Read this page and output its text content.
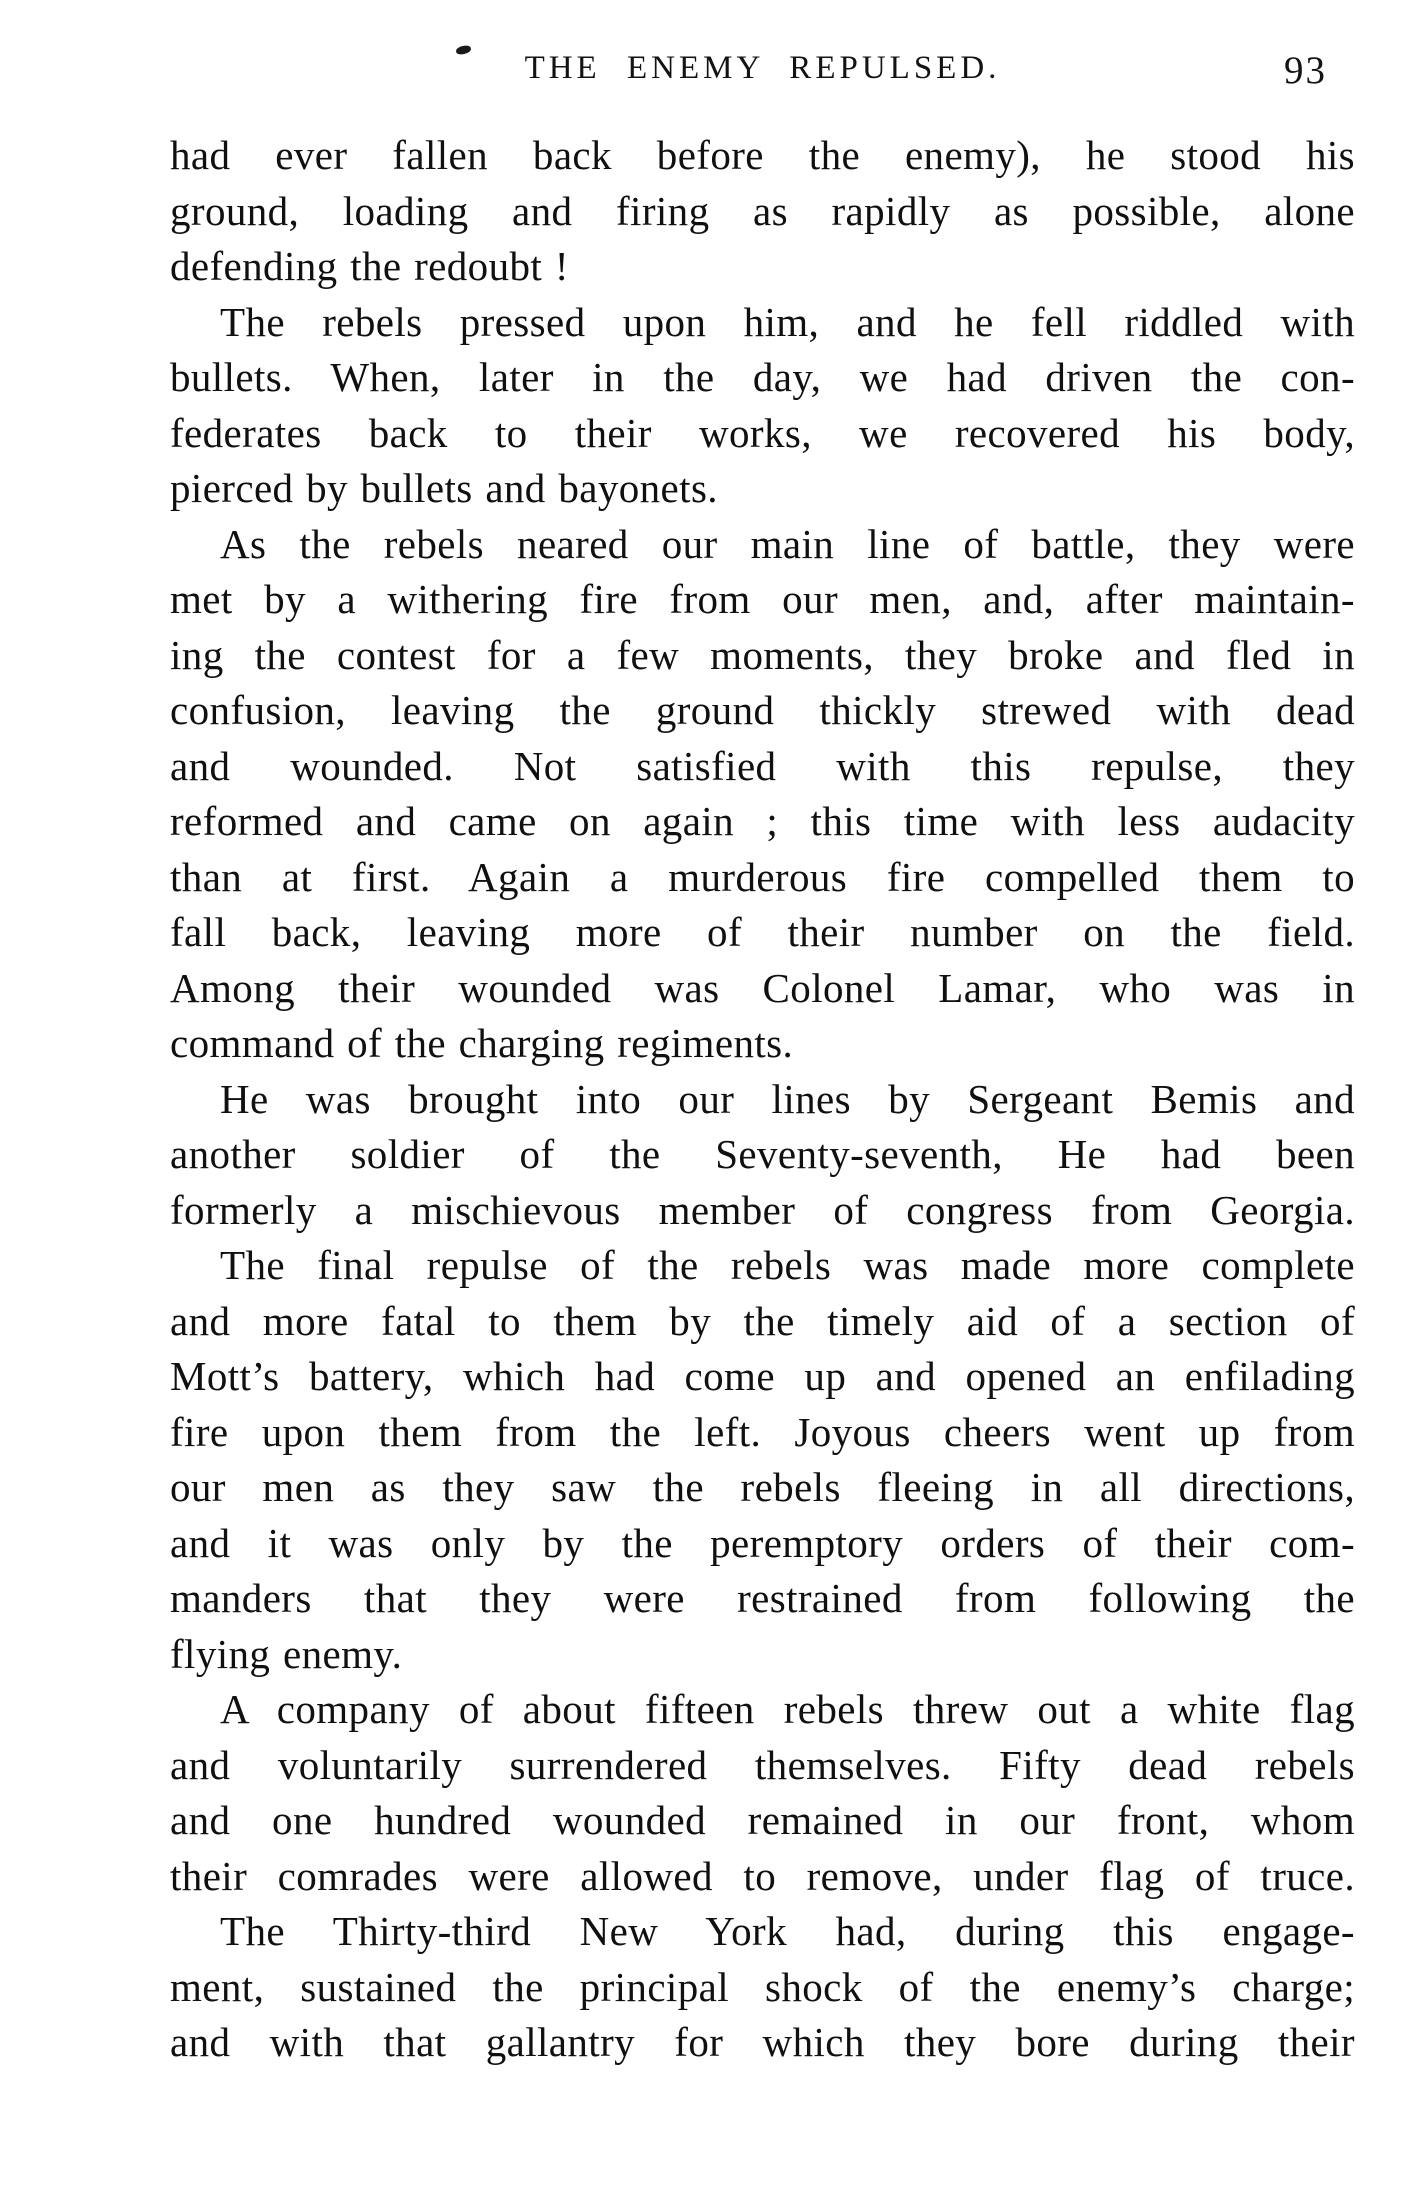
THE ENEMY REPULSED.	93
had ever fallen back before the enemy), he stood his
ground, loading and firing as rapidly as possible, alone
defending the redoubt !
The rebels pressed upon him, and he fell riddled with
bullets. When, later in the day, we had driven the con-
federates back to their works, we recovered his body,
pierced by bullets and bayonets.
As the rebels neared our main line of battle, they were
met by a withering fire from our men, and, after maintain-
ing the contest for a few moments, they broke and fled in
confusion, leaving the ground thickly strewed with dead
and wounded. Not satisfied with this repulse, they
reformed and came on again ; this time with less audacity
than at first. Again a murderous fire compelled them to
fall back, leaving more of their number on the field.
Among their wounded was Colonel Lamar, who was in
command of the charging regiments.
He was brought into our lines by Sergeant Bemis and
another soldier of the Seventy-seventh, He had been
formerly a mischievous member of congress from Georgia.
The final repulse of the rebels was made more complete
and more fatal to them by the timely aid of a section of
Mott’s battery, which had come up and opened an enfilading
fire upon them from the left. Joyous cheers went up from
our men as they saw the rebels fleeing in all directions,
and it was only by the peremptory orders of their com-
manders that they were restrained from following the
flying enemy.
A company of about fifteen rebels threw out a white flag
and voluntarily surrendered themselves. Fifty dead rebels
and one hundred wounded remained in our front, whom
their comrades were allowed to remove, under flag of truce.
The Thirty-third New York had, during this engage-
ment, sustained the principal shock of the enemy’s charge;
and with that gallantry for which they bore during their
